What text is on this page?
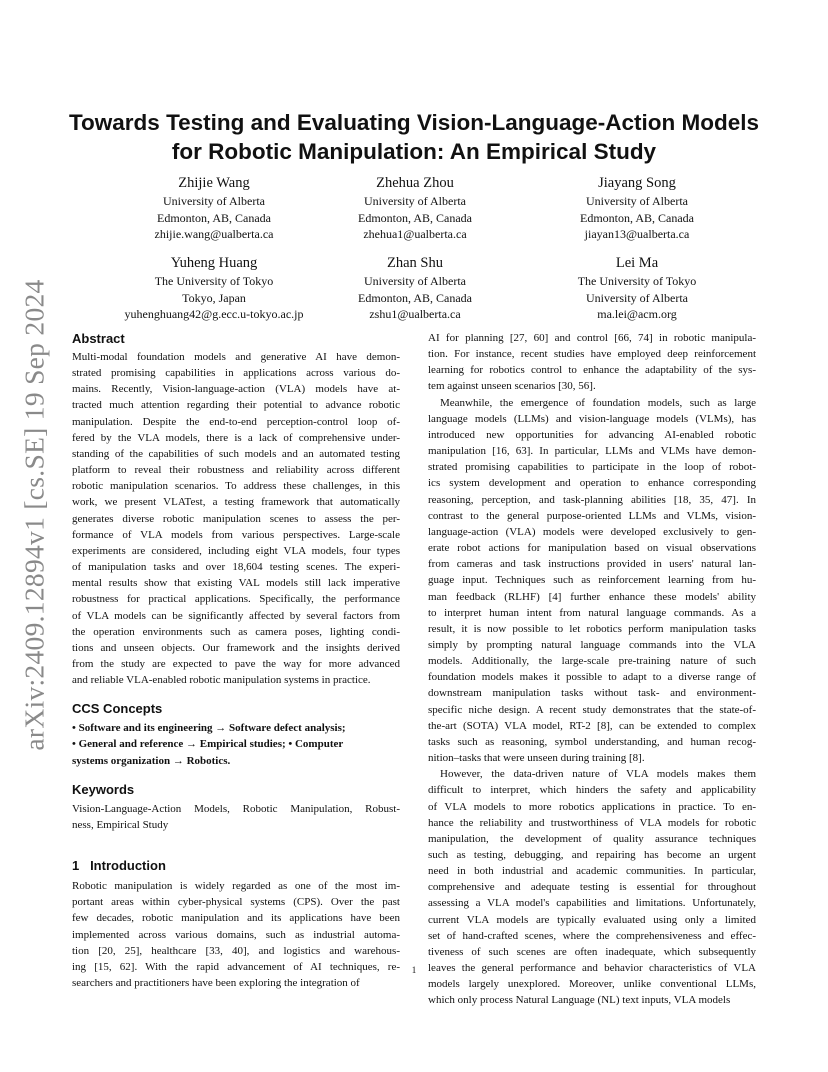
arXiv:2409.12894v1 [cs.SE] 19 Sep 2024
Towards Testing and Evaluating Vision-Language-Action Models
for Robotic Manipulation: An Empirical Study
Zhijie Wang
University of Alberta
Edmonton, AB, Canada
zhijie.wang@ualberta.ca
Zhehua Zhou
University of Alberta
Edmonton, AB, Canada
zhehua1@ualberta.ca
Jiayang Song
University of Alberta
Edmonton, AB, Canada
jiayan13@ualberta.ca
Yuheng Huang
The University of Tokyo
Tokyo, Japan
yuhenghuang42@g.ecc.u-tokyo.ac.jp
Zhan Shu
University of Alberta
Edmonton, AB, Canada
zshu1@ualberta.ca
Lei Ma
The University of Tokyo
University of Alberta
ma.lei@acm.org
Abstract
Multi-modal foundation models and generative AI have demon-
strated promising capabilities in applications across various do-
mains. Recently, Vision-language-action (VLA) models have at-
tracted much attention regarding their potential to advance robotic
manipulation. Despite the end-to-end perception-control loop of-
fered by the VLA models, there is a lack of comprehensive under-
standing of the capabilities of such models and an automated testing
platform to reveal their robustness and reliability across different
robotic manipulation scenarios. To address these challenges, in this
work, we present VLATest, a testing framework that automatically
generates diverse robotic manipulation scenes to assess the per-
formance of VLA models from various perspectives. Large-scale
experiments are considered, including eight VLA models, four types
of manipulation tasks and over 18,604 testing scenes. The experi-
mental results show that existing VAL models still lack imperative
robustness for practical applications. Specifically, the performance
of VLA models can be significantly affected by several factors from
the operation environments such as camera poses, lighting condi-
tions and unseen objects. Our framework and the insights derived
from the study are expected to pave the way for more advanced
and reliable VLA-enabled robotic manipulation systems in practice.
CCS Concepts
• Software and its engineering → Software defect analysis;
• General and reference → Empirical studies; • Computer
systems organization → Robotics.
Keywords
Vision-Language-Action Models, Robotic Manipulation, Robust-
ness, Empirical Study
1   Introduction
Robotic manipulation is widely regarded as one of the most im-
portant areas within cyber-physical systems (CPS). Over the past
few decades, robotic manipulation and its applications have been
implemented across various domains, such as industrial automa-
tion [20, 25], healthcare [33, 40], and logistics and warehous-
ing [15, 62]. With the rapid advancement of AI techniques, re-
searchers and practitioners have been exploring the integration of
AI for planning [27, 60] and control [66, 74] in robotic manipula-
tion. For instance, recent studies have employed deep reinforcement
learning for robotics control to enhance the adaptability of the sys-
tem against unseen scenarios [30, 56].
Meanwhile, the emergence of foundation models, such as large
language models (LLMs) and vision-language models (VLMs), has
introduced new opportunities for advancing AI-enabled robotic
manipulation [16, 63]. In particular, LLMs and VLMs have demon-
strated promising capabilities to participate in the loop of robot-
ics system development and operation to enhance corresponding
reasoning, perception, and task-planning abilities [18, 35, 47]. In
contrast to the general purpose-oriented LLMs and VLMs, vision-
language-action (VLA) models were developed exclusively to gen-
erate robot actions for manipulation based on visual observations
from cameras and task instructions provided in users' natural lan-
guage input. Techniques such as reinforcement learning from hu-
man feedback (RLHF) [4] further enhance these models' ability
to interpret human intent from natural language commands. As a
result, it is now possible to let robotics perform manipulation tasks
simply by prompting natural language commands into the VLA
models. Additionally, the large-scale pre-training nature of such
foundation models makes it possible to adapt to a diverse range of
downstream manipulation tasks without task- and environment-
specific niche design. A recent study demonstrates that the state-of-
the-art (SOTA) VLA model, RT-2 [8], can be extended to complex
tasks such as reasoning, symbol understanding, and human recog-
nition–tasks that were unseen during training [8].
However, the data-driven nature of VLA models makes them
difficult to interpret, which hinders the safety and applicability
of VLA models to more robotics applications in practice. To en-
hance the reliability and trustworthiness of VLA models for robotic
manipulation, the development of quality assurance techniques
such as testing, debugging, and repairing has become an urgent
need in both industrial and academic communities. In particular,
comprehensive and adequate testing is essential for throughout
assessing a VLA model's capabilities and limitations. Unfortunately,
current VLA models are typically evaluated using only a limited
set of hand-crafted scenes, where the comprehensiveness and effec-
tiveness of such scenes are often inadequate, which subsequently
leaves the general performance and behavior characteristics of VLA
models largely unexplored. Moreover, unlike conventional LLMs,
which only process Natural Language (NL) text inputs, VLA models
1
